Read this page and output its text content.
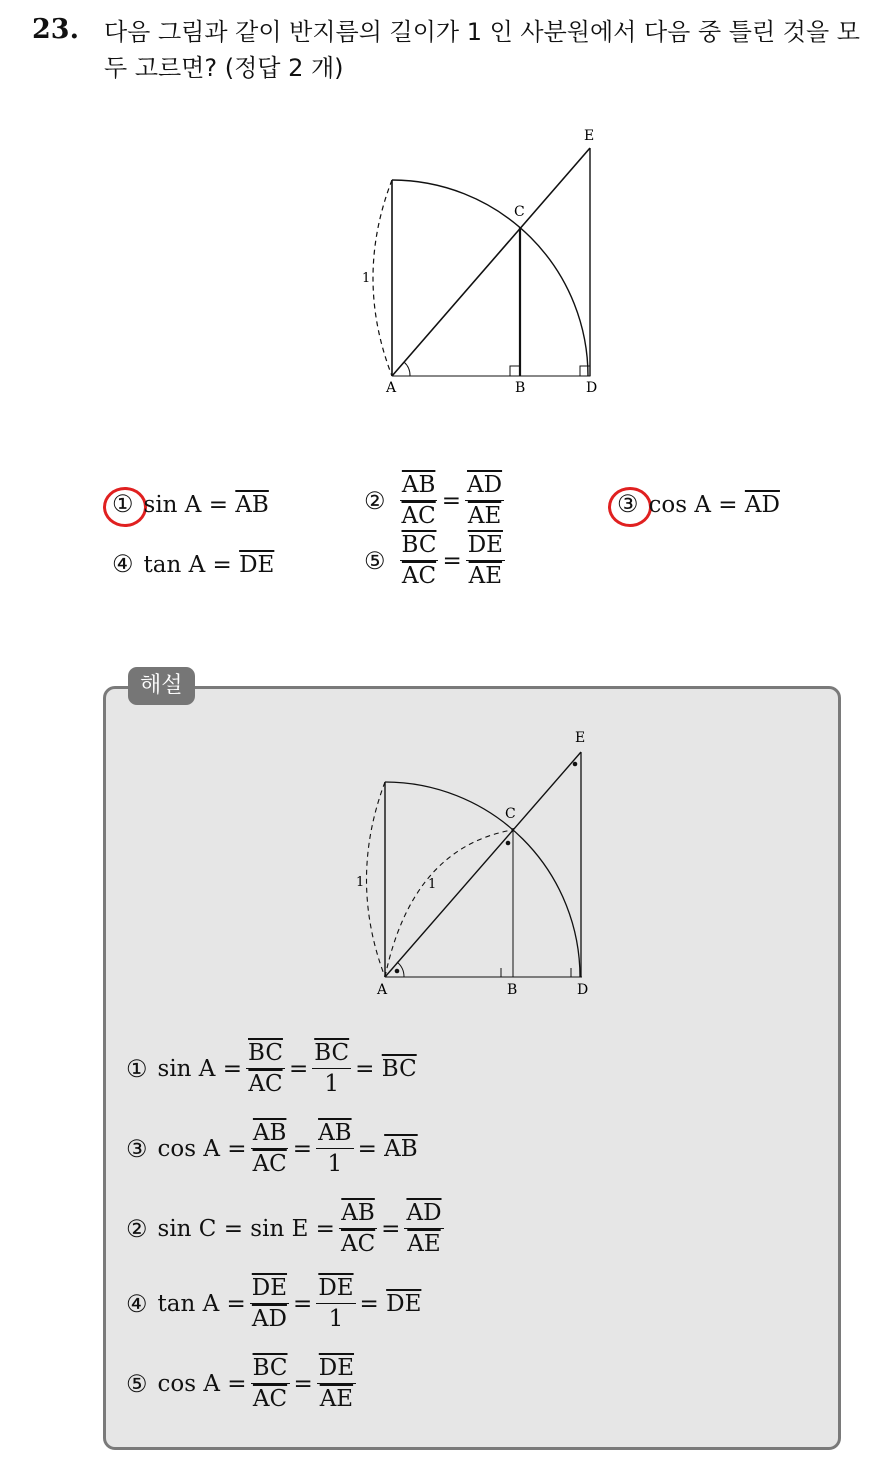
23. 다음 그림과 같이 반지름의 길이가 1 인 사분원에서 다음 중 틀린 것을 모두 고르면? (정답 2 개)
A	B	D
C
E
1
① $\sin A = \overline{AB}$	② $\frac{\overline{AB}}{AC} = \frac{\overline{AD}}{AE}$	③ $\cos A = \overline{AD}$
④ $\tan A = \overline{DE}$	⑤ $\frac{\overline{BC}}{AC} = \frac{\overline{DE}}{AE}$
해설
A	B	D
C
E
1	1
① $\sin A = \frac{\overline{BC}}{AC} = \frac{\overline{BC}}{1} = \overline{BC}$
③ $\cos A = \frac{\overline{AB}}{AC} = \frac{\overline{AB}}{1} = \overline{AB}$
② $\sin C = \sin E = \frac{\overline{AB}}{AC} = \frac{\overline{AD}}{AE}$
④ $\tan A = \frac{\overline{DE}}{AD} = \frac{\overline{DE}}{1} = \overline{DE}$
⑤ $\cos A = \frac{\overline{BC}}{AC} = \frac{\overline{DE}}{AE}$
